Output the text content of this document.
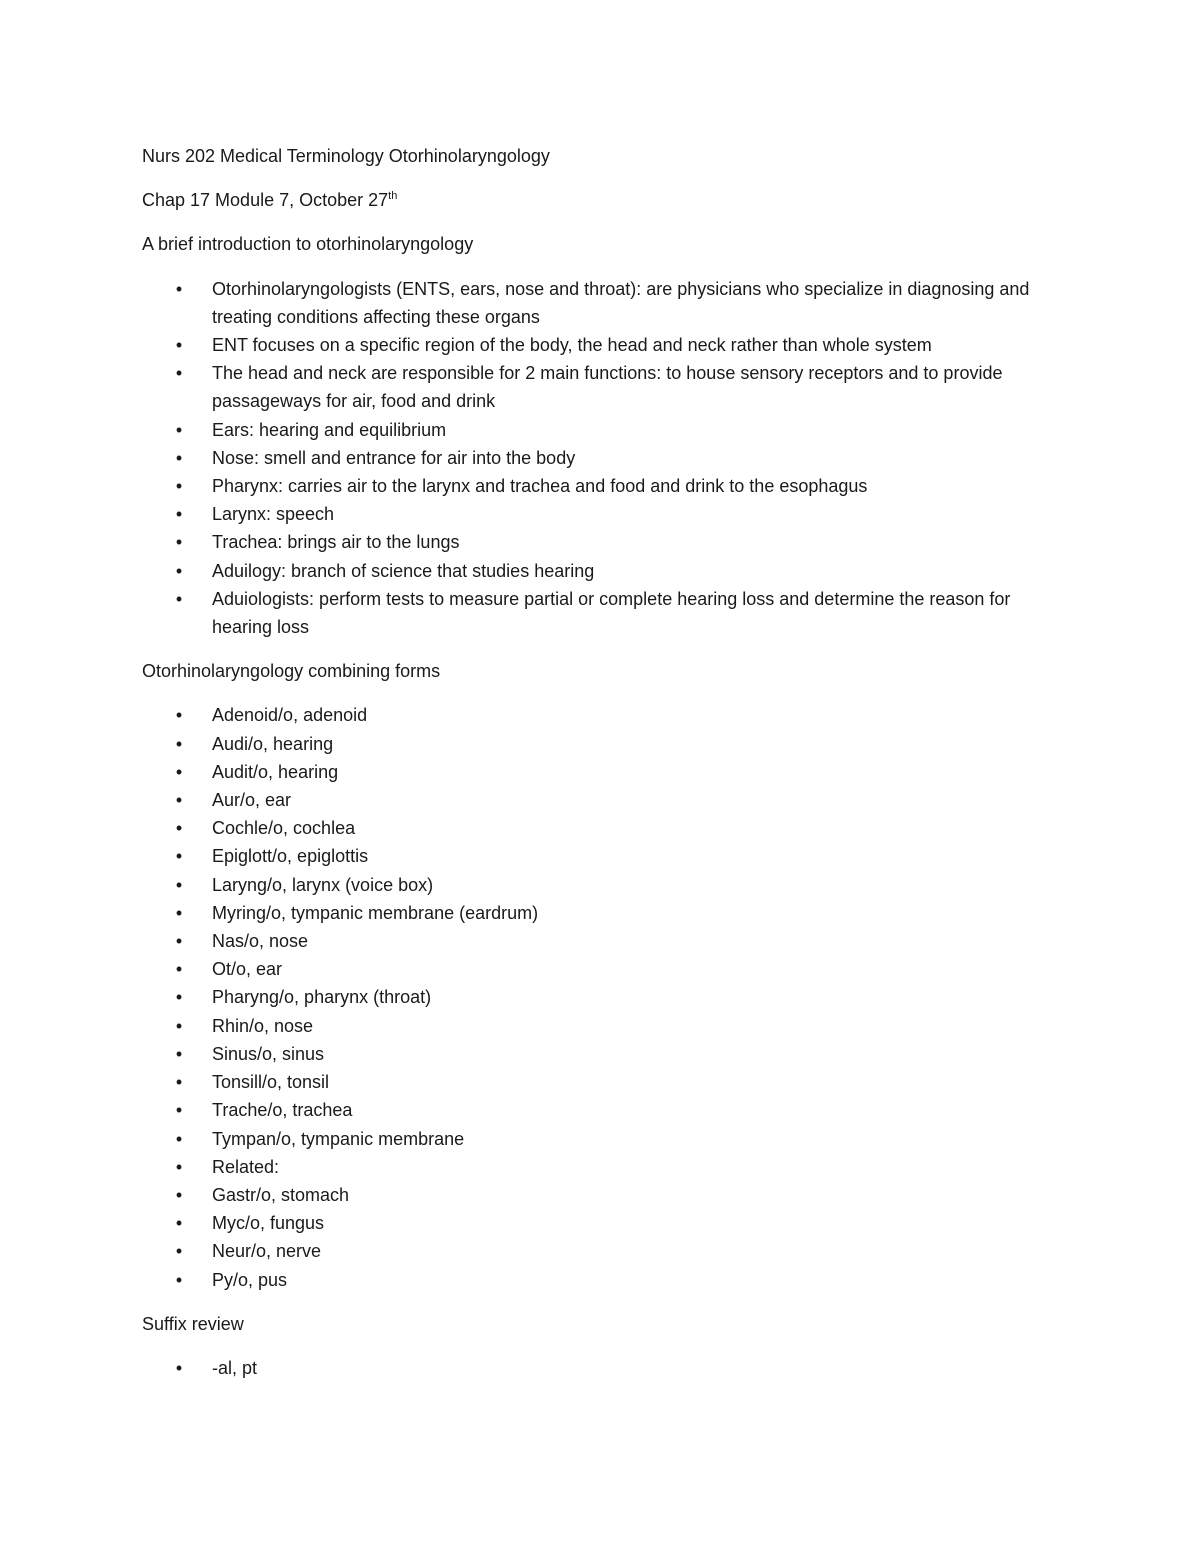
Nurs 202 Medical Terminology Otorhinolaryngology

Chap 17 Module 7, October 27th

A brief introduction to otorhinolaryngology

• Otorhinolaryngologists (ENTS, ears, nose and throat): are physicians who specialize in diagnosing and treating conditions affecting these organs
• ENT focuses on a specific region of the body, the head and neck rather than whole system
• The head and neck are responsible for 2 main functions: to house sensory receptors and to provide passageways for air, food and drink
• Ears: hearing and equilibrium
• Nose: smell and entrance for air into the body
• Pharynx: carries air to the larynx and trachea and food and drink to the esophagus
• Larynx: speech
• Trachea: brings air to the lungs
• Aduilogy: branch of science that studies hearing
• Aduiologists: perform tests to measure partial or complete hearing loss and determine the reason for hearing loss

Otorhinolaryngology combining forms

• Adenoid/o, adenoid
• Audi/o, hearing
• Audit/o, hearing
• Aur/o, ear
• Cochle/o, cochlea
• Epiglott/o, epiglottis
• Laryng/o, larynx (voice box)
• Myring/o, tympanic membrane (eardrum)
• Nas/o, nose
• Ot/o, ear
• Pharyng/o, pharynx (throat)
• Rhin/o, nose
• Sinus/o, sinus
• Tonsill/o, tonsil
• Trache/o, trachea
• Tympan/o, tympanic membrane
• Related:
• Gastr/o, stomach
• Myc/o, fungus
• Neur/o, nerve
• Py/o, pus

Suffix review

• -al, pt
